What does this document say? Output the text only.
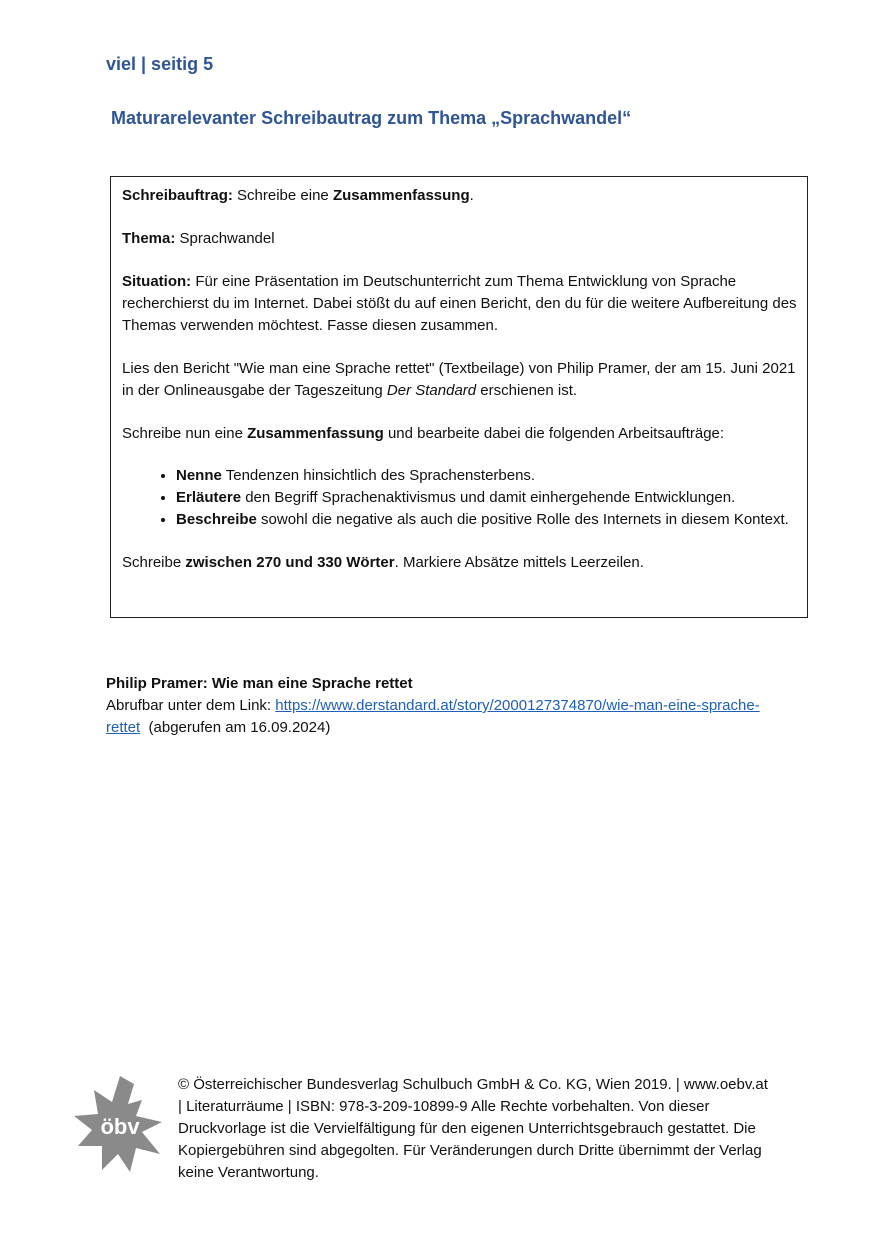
viel | seitig 5
Maturarelevanter Schreibautrag zum Thema „Sprachwandel“

Schreibauftrag: Schreibe eine Zusammenfassung.

Thema: Sprachwandel

Situation: Für eine Präsentation im Deutschunterricht zum Thema Entwicklung von Sprache recherchierst du im Internet. Dabei stößt du auf einen Bericht, den du für die weitere Aufbereitung des Themas verwenden möchtest. Fasse diesen zusammen.

Lies den Bericht "Wie man eine Sprache rettet" (Textbeilage) von Philip Pramer, der am 15. Juni 2021 in der Onlineausgabe der Tageszeitung Der Standard erschienen ist.

Schreibe nun eine Zusammenfassung und bearbeite dabei die folgenden Arbeitsaufträge:

• Nenne Tendenzen hinsichtlich des Sprachensterbens.
• Erläutere den Begriff Sprachenaktivismus und damit einhergehende Entwicklungen.
• Beschreibe sowohl die negative als auch die positive Rolle des Internets in diesem Kontext.

Schreibe zwischen 270 und 330 Wörter. Markiere Absätze mittels Leerzeilen.

Philip Pramer: Wie man eine Sprache rettet
Abrufbar unter dem Link: https://www.derstandard.at/story/2000127374870/wie-man-eine-sprache-rettet  (abgerufen am 16.09.2024)
öbv
© Österreichischer Bundesverlag Schulbuch GmbH & Co. KG, Wien 2019. | www.oebv.at | Literaturräume | ISBN: 978-3-209-10899-9 Alle Rechte vorbehalten. Von dieser Druckvorlage ist die Vervielfältigung für den eigenen Unterrichtsgebrauch gestattet. Die Kopiergebühren sind abgegolten. Für Veränderungen durch Dritte übernimmt der Verlag keine Verantwortung.
